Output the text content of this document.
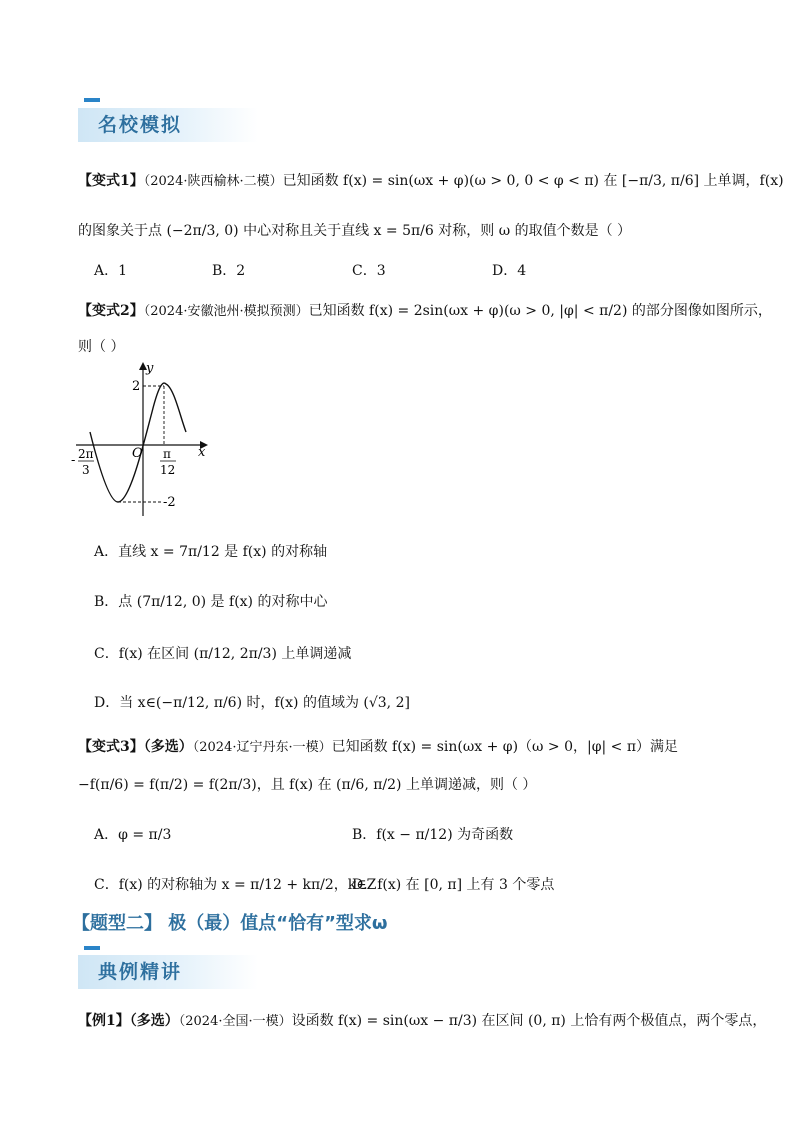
名校模拟
【变式1】（2024·陕西榆林·二模）已知函数 f(x) = sin(ωx + φ)(ω > 0, 0 < φ < π) 在 [−π/3, π/6] 上单调，f(x)
的图象关于点 (−2π/3, 0) 中心对称且关于直线 x = 5π/6 对称，则 ω 的取值个数是（ ）
A．1	B．2	C．3	D．4
【变式2】（2024·安徽池州·模拟预测）已知函数 f(x) = 2sin(ωx + φ)(ω > 0, |φ| < π/2) 的部分图像如图所示，
则（ ）
y
x
O
2
-2
- 2π
3
π
12
A．直线 x = 7π/12 是 f(x) 的对称轴
B．点 (7π/12, 0) 是 f(x) 的对称中心
C．f(x) 在区间 (π/12, 2π/3) 上单调递减
D．当 x∈(−π/12, π/6) 时，f(x) 的值域为 (√3, 2]
【变式3】（多选）（2024·辽宁丹东·一模）已知函数 f(x) = sin(ωx + φ)（ω > 0，|φ| < π）满足
−f(π/6) = f(π/2) = f(2π/3)，且 f(x) 在 (π/6, π/2) 上单调递减，则（ ）
A．φ = π/3	B．f(x − π/12) 为奇函数
C．f(x) 的对称轴为 x = π/12 + kπ/2，k∈Z
D．f(x) 在 [0, π] 上有 3 个零点
【题型二】 极（最）值点“恰有”型求ω
典例精讲
【例1】（多选）（2024·全国·一模）设函数 f(x) = sin(ωx − π/3) 在区间 (0, π) 上恰有两个极值点，两个零点，
